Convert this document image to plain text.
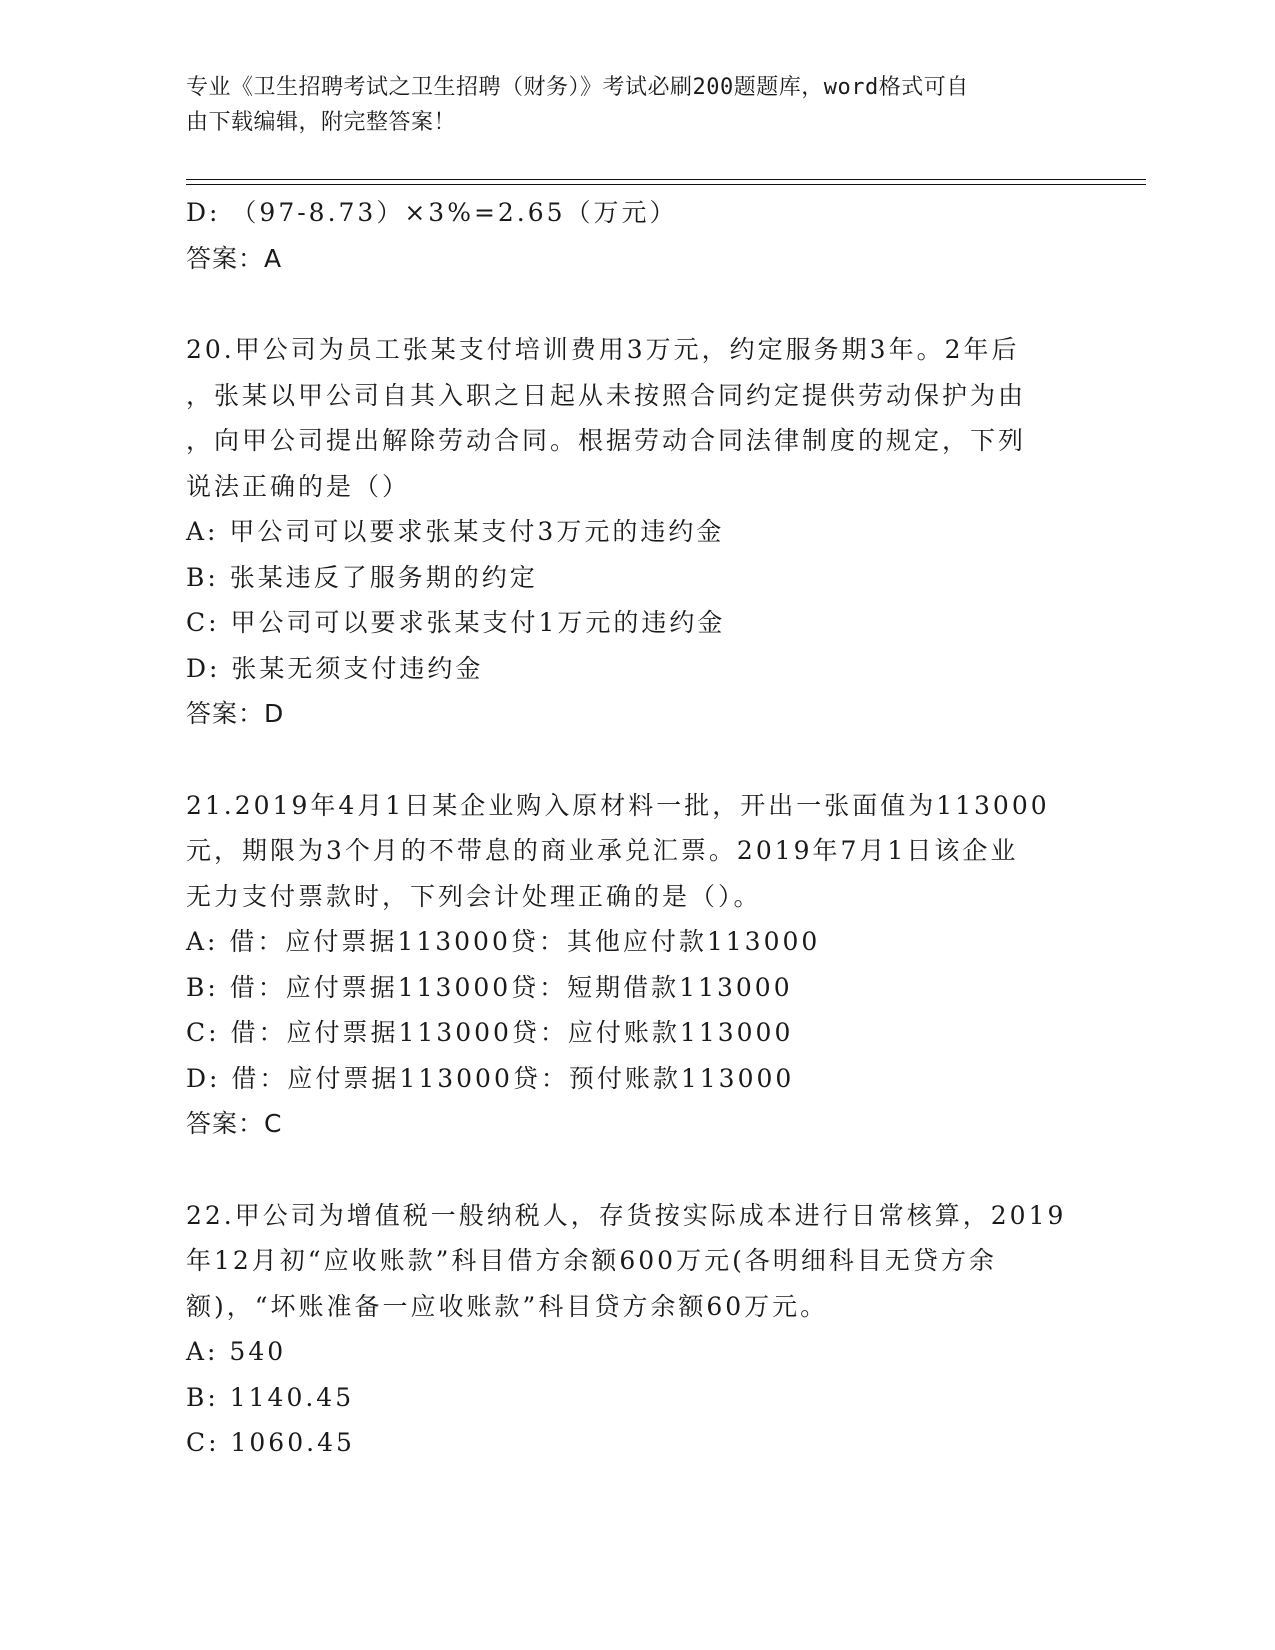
专业《卫生招聘考试之卫生招聘（财务）》考试必刷200题题库，word格式可自
由下载编辑，附完整答案！
D: （97-8.73）×3%=2.65（万元）
答案：A
20.甲公司为员工张某支付培训费用3万元，约定服务期3年。2年后
，张某以甲公司自其入职之日起从未按照合同约定提供劳动保护为由
，向甲公司提出解除劳动合同。根据劳动合同法律制度的规定，下列
说法正确的是（）
A: 甲公司可以要求张某支付3万元的违约金
B: 张某违反了服务期的约定
C: 甲公司可以要求张某支付1万元的违约金
D: 张某无须支付违约金
答案：D
21.2019年4月1日某企业购入原材料一批，开出一张面值为113000
元，期限为3个月的不带息的商业承兑汇票。2019年7月1日该企业
无力支付票款时，下列会计处理正确的是（）。
A: 借：应付票据113000贷：其他应付款113000
B: 借：应付票据113000贷：短期借款113000
C: 借：应付票据113000贷：应付账款113000
D: 借：应付票据113000贷：预付账款113000
答案：C
22.甲公司为增值税一般纳税人，存货按实际成本进行日常核算，2019
年12月初“应收账款”科目借方余额600万元(各明细科目无贷方余
额)，“坏账准备一应收账款”科目贷方余额60万元。
A: 540
B: 1140.45
C: 1060.45
